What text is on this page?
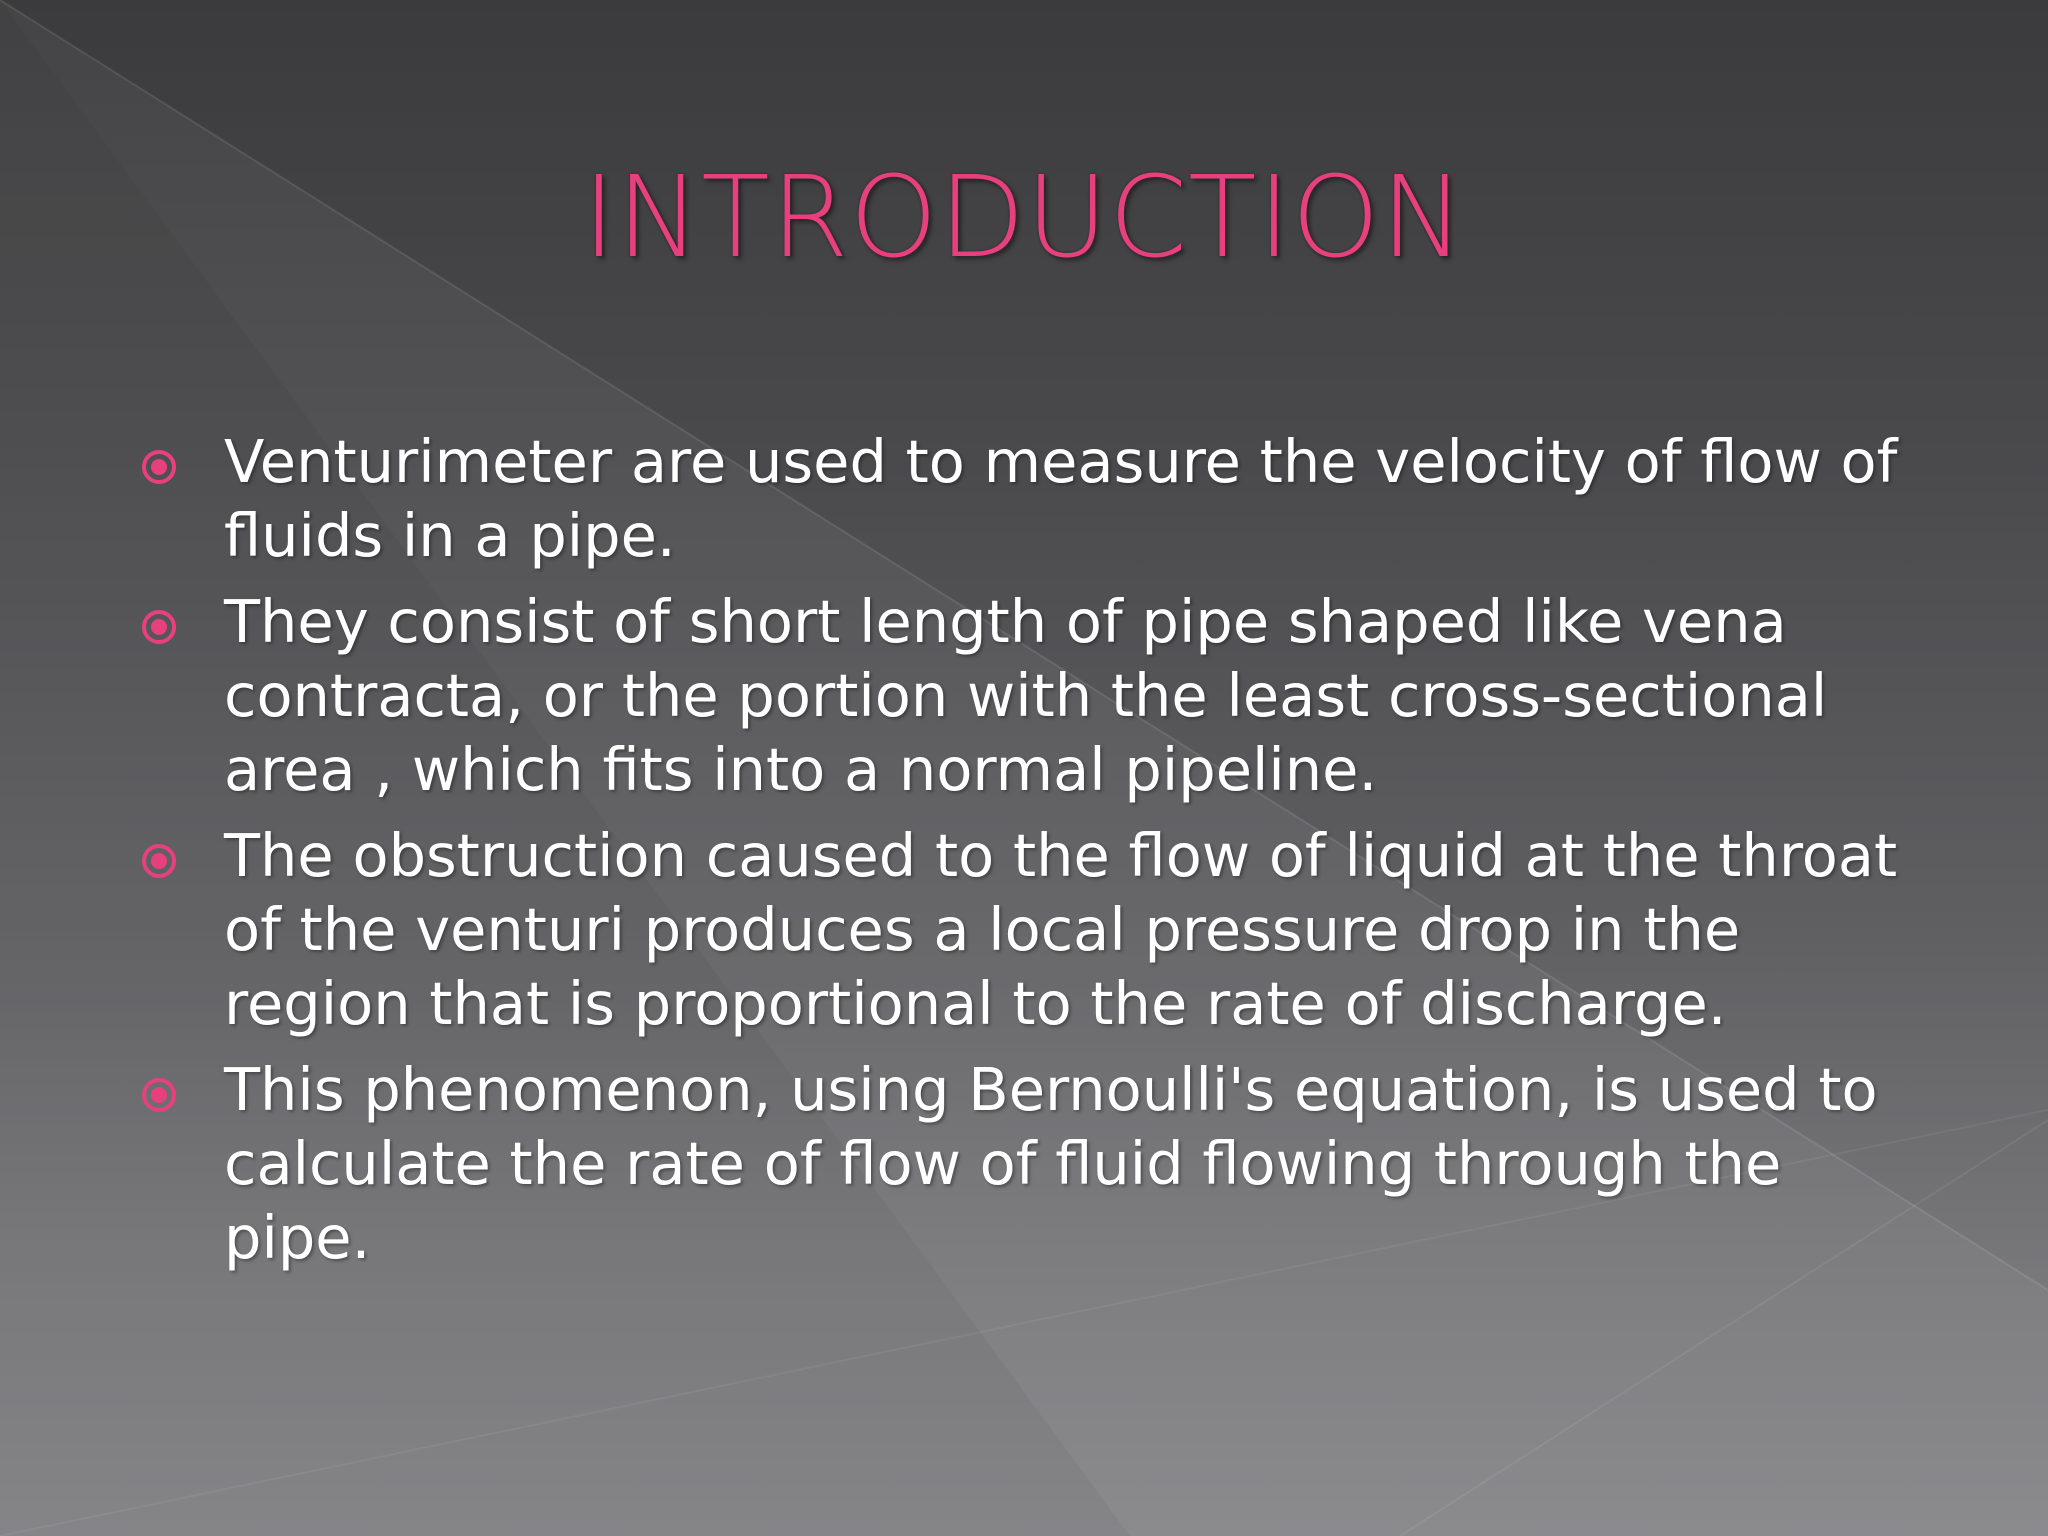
INTRODUCTION
Venturimeter are used to measure the velocity of flow of fluids in a pipe.
They consist of short length of pipe shaped like vena contracta, or the portion with the least cross-sectional area , which fits into a normal pipeline.
The obstruction caused to the flow of liquid at the throat of the venturi produces a local pressure drop in the region that is proportional to the rate of discharge.
This phenomenon, using Bernoulli's equation, is used to calculate the rate of flow of fluid flowing through the pipe.
